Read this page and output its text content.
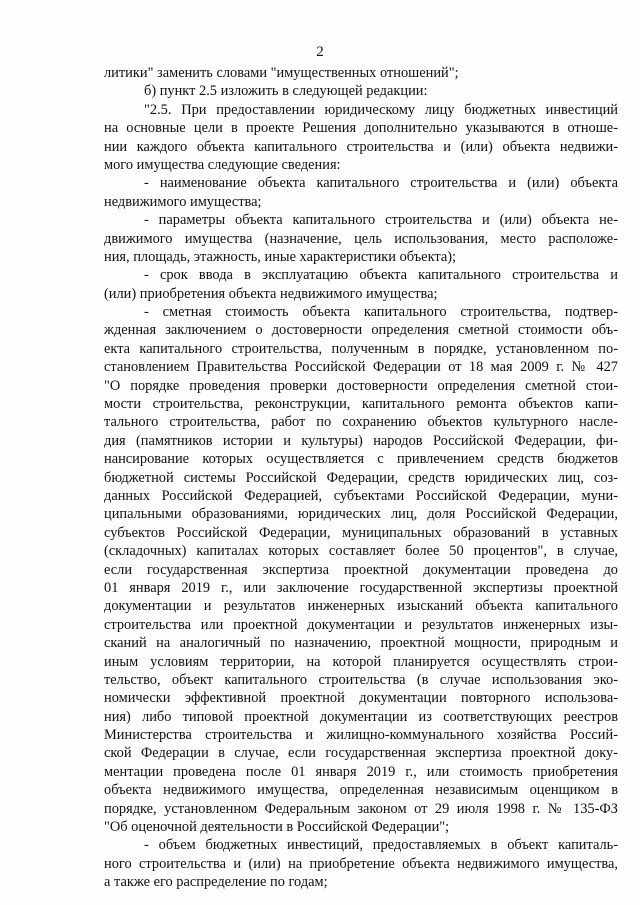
2
литики" заменить словами "имущественных отношений";
б) пункт 2.5 изложить в следующей редакции:
"2.5. При предоставлении юридическому лицу бюджетных инвестиций
на основные цели в проекте Решения дополнительно указываются в отноше-
нии каждого объекта капитального строительства и (или) объекта недвижи-
мого имущества следующие сведения:
- наименование объекта капитального строительства и (или) объекта
недвижимого имущества;
- параметры объекта капитального строительства и (или) объекта не-
движимого имущества (назначение, цель использования, место расположе-
ния, площадь, этажность, иные характеристики объекта);
- срок ввода в эксплуатацию объекта капитального строительства и
(или) приобретения объекта недвижимого имущества;
- сметная стоимость объекта капитального строительства, подтвер-
жденная заключением о достоверности определения сметной стоимости объ-
екта капитального строительства, полученным в порядке, установленном по-
становлением Правительства Российской Федерации от 18 мая 2009 г. № 427
"О порядке проведения проверки достоверности определения сметной стои-
мости строительства, реконструкции, капитального ремонта объектов капи-
тального строительства, работ по сохранению объектов культурного насле-
дия (памятников истории и культуры) народов Российской Федерации, фи-
нансирование которых осуществляется с привлечением средств бюджетов
бюджетной системы Российской Федерации, средств юридических лиц, соз-
данных Российской Федерацией, субъектами Российской Федерации, муни-
ципальными образованиями, юридических лиц, доля Российской Федерации,
субъектов Российской Федерации, муниципальных образований в уставных
(складочных) капиталах которых составляет более 50 процентов", в случае,
если государственная экспертиза проектной документации проведена до
01 января 2019 г., или заключение государственной экспертизы проектной
документации и результатов инженерных изысканий объекта капитального
строительства или проектной документации и результатов инженерных изы-
сканий на аналогичный по назначению, проектной мощности, природным и
иным условиям территории, на которой планируется осуществлять строи-
тельство, объект капитального строительства (в случае использования эко-
номически эффективной проектной документации повторного использова-
ния) либо типовой проектной документации из соответствующих реестров
Министерства строительства и жилищно-коммунального хозяйства Россий-
ской Федерации в случае, если государственная экспертиза проектной доку-
ментации проведена после 01 января 2019 г., или стоимость приобретения
объекта недвижимого имущества, определенная независимым оценщиком в
порядке, установленном Федеральным законом от 29 июля 1998 г. № 135-ФЗ
"Об оценочной деятельности в Российской Федерации";
- объем бюджетных инвестиций, предоставляемых в объект капиталь-
ного строительства и (или) на приобретение объекта недвижимого имущества,
а также его распределение по годам;
